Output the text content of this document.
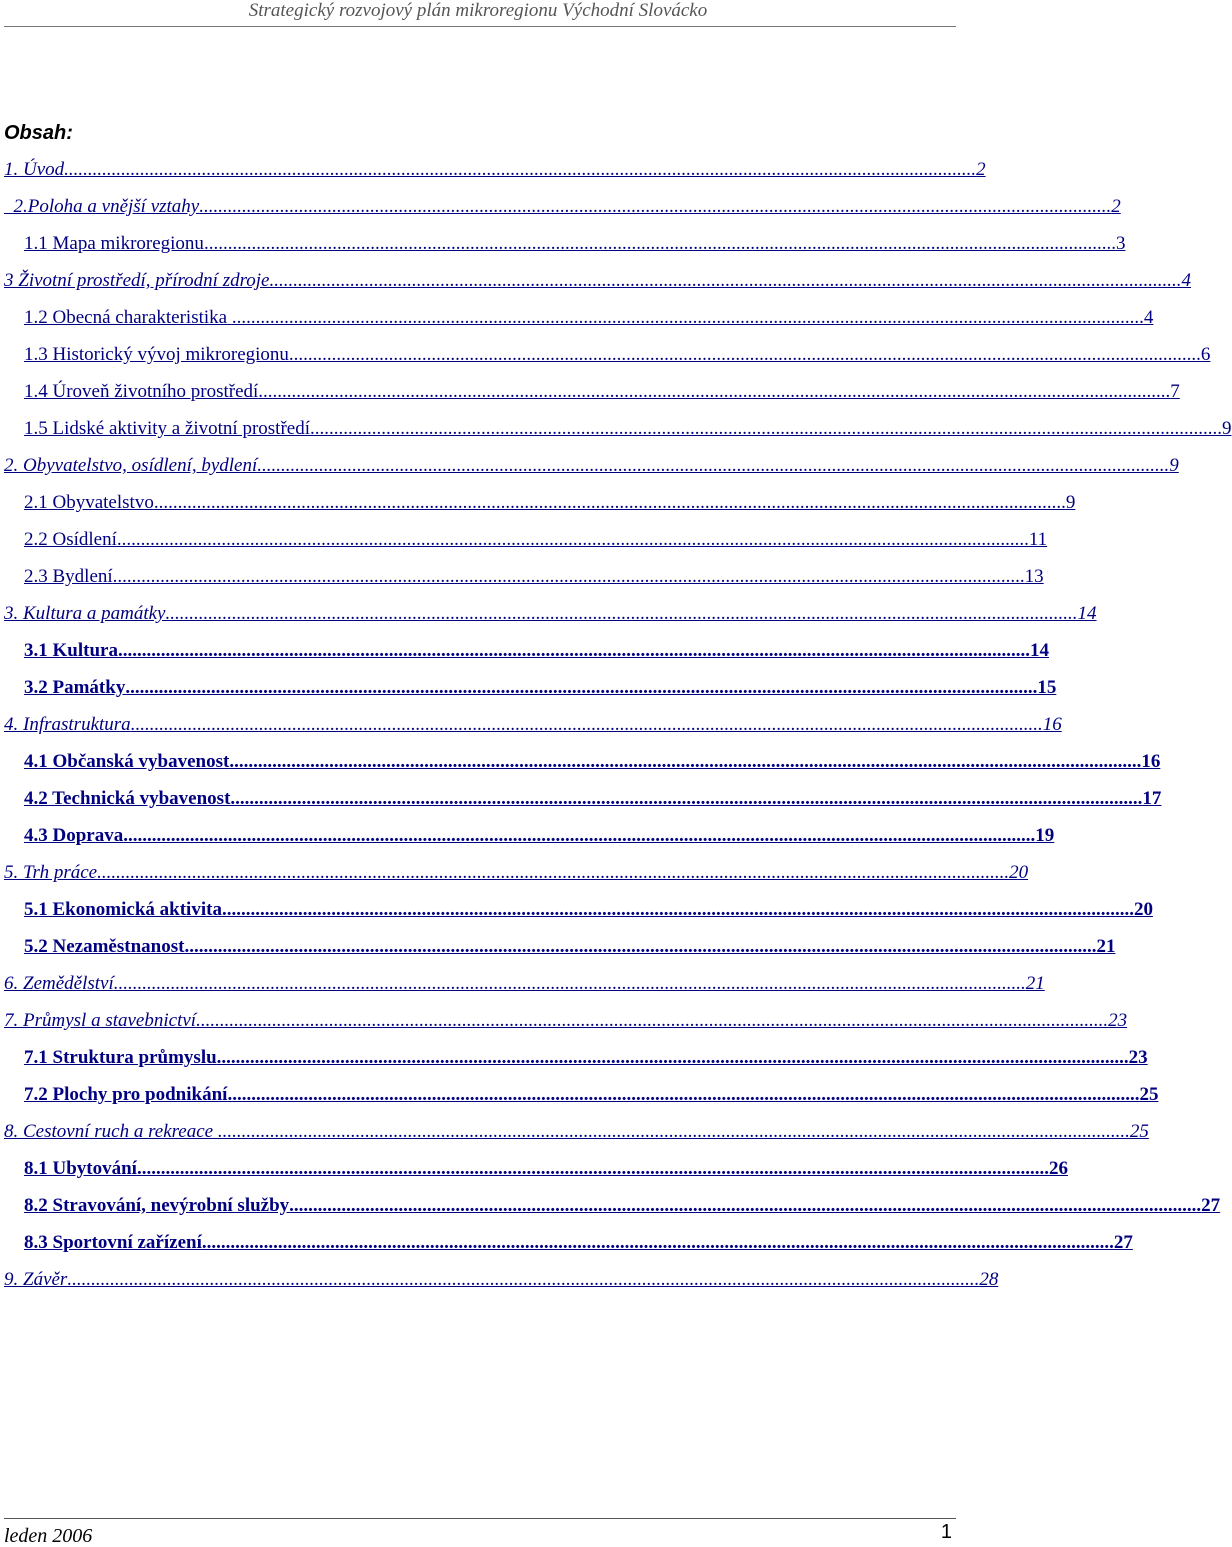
Strategický rozvojový plán mikroregionu Východní Slovácko
Obsah:
1. Úvod ................................................................................................................................................................................................ 2
2.Poloha a vnější vztahy ................................................................................................................................................................................................ 2
1.1 Mapa mikroregionu ................................................................................................................................................................................................ 3
3 Životní prostředí, přírodní zdroje ................................................................................................................................................................................................ 4
1.2 Obecná charakteristika ................................................................................................................................................................................................ 4
1.3 Historický vývoj mikroregionu ................................................................................................................................................................................................ 6
1.4 Úroveň životního prostředí ................................................................................................................................................................................................ 7
1.5 Lidské aktivity a životní prostředí ................................................................................................................................................................................................ 9
2. Obyvatelstvo, osídlení, bydlení ................................................................................................................................................................................................ 9
2.1 Obyvatelstvo ................................................................................................................................................................................................ 9
2.2 Osídlení ................................................................................................................................................................................................ 11
2.3 Bydlení ................................................................................................................................................................................................ 13
3. Kultura a památky ................................................................................................................................................................................................ 14
3.1 Kultura ................................................................................................................................................................................................ 14
3.2 Památky ................................................................................................................................................................................................ 15
4. Infrastruktura ................................................................................................................................................................................................ 16
4.1 Občanská vybavenost ................................................................................................................................................................................................ 16
4.2 Technická vybavenost ................................................................................................................................................................................................ 17
4.3 Doprava ................................................................................................................................................................................................ 19
5. Trh práce ................................................................................................................................................................................................ 20
5.1 Ekonomická aktivita ................................................................................................................................................................................................ 20
5.2 Nezaměstnanost ................................................................................................................................................................................................ 21
6. Zemědělství ................................................................................................................................................................................................ 21
7. Průmysl a stavebnictví ................................................................................................................................................................................................ 23
7.1 Struktura průmyslu ................................................................................................................................................................................................ 23
7.2 Plochy pro podnikání ................................................................................................................................................................................................ 25
8. Cestovní ruch a rekreace ................................................................................................................................................................................................ 25
8.1 Ubytování ................................................................................................................................................................................................ 26
8.2 Stravování, nevýrobní služby ................................................................................................................................................................................................ 27
8.3 Sportovní zařízení ................................................................................................................................................................................................ 27
9. Závěr ................................................................................................................................................................................................ 28
leden 2006	1
